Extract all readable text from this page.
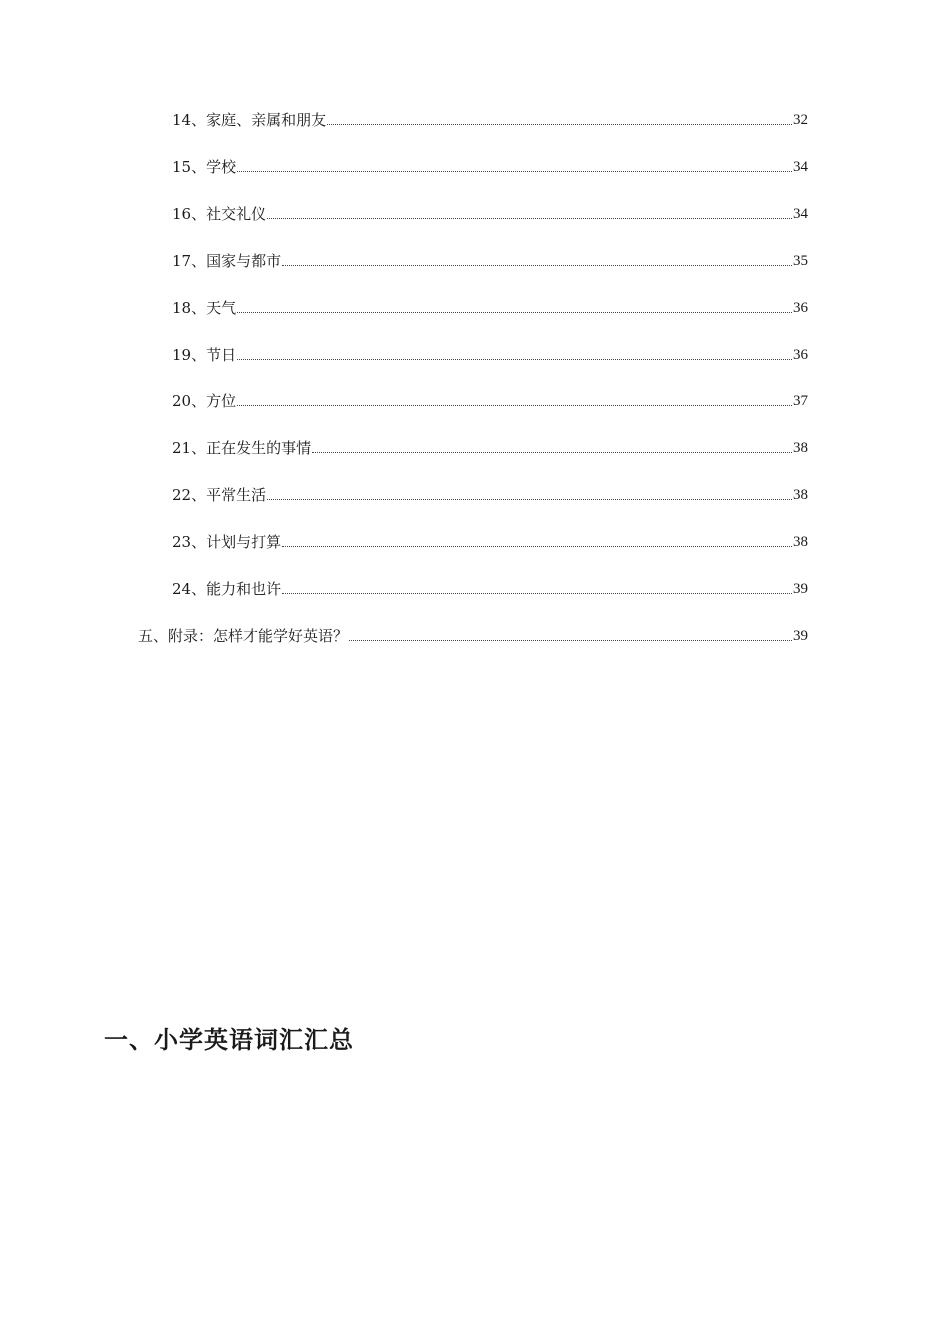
14、家庭、亲属和朋友	32
15、学校	34
16、社交礼仪	34
17、国家与都市	35
18、天气	36
19、节日	36
20、方位	37
21、正在发生的事情	38
22、平常生活	38
23、计划与打算	38
24、能力和也许	39
五、附录：怎样才能学好英语？	39
一、小学英语词汇汇总
